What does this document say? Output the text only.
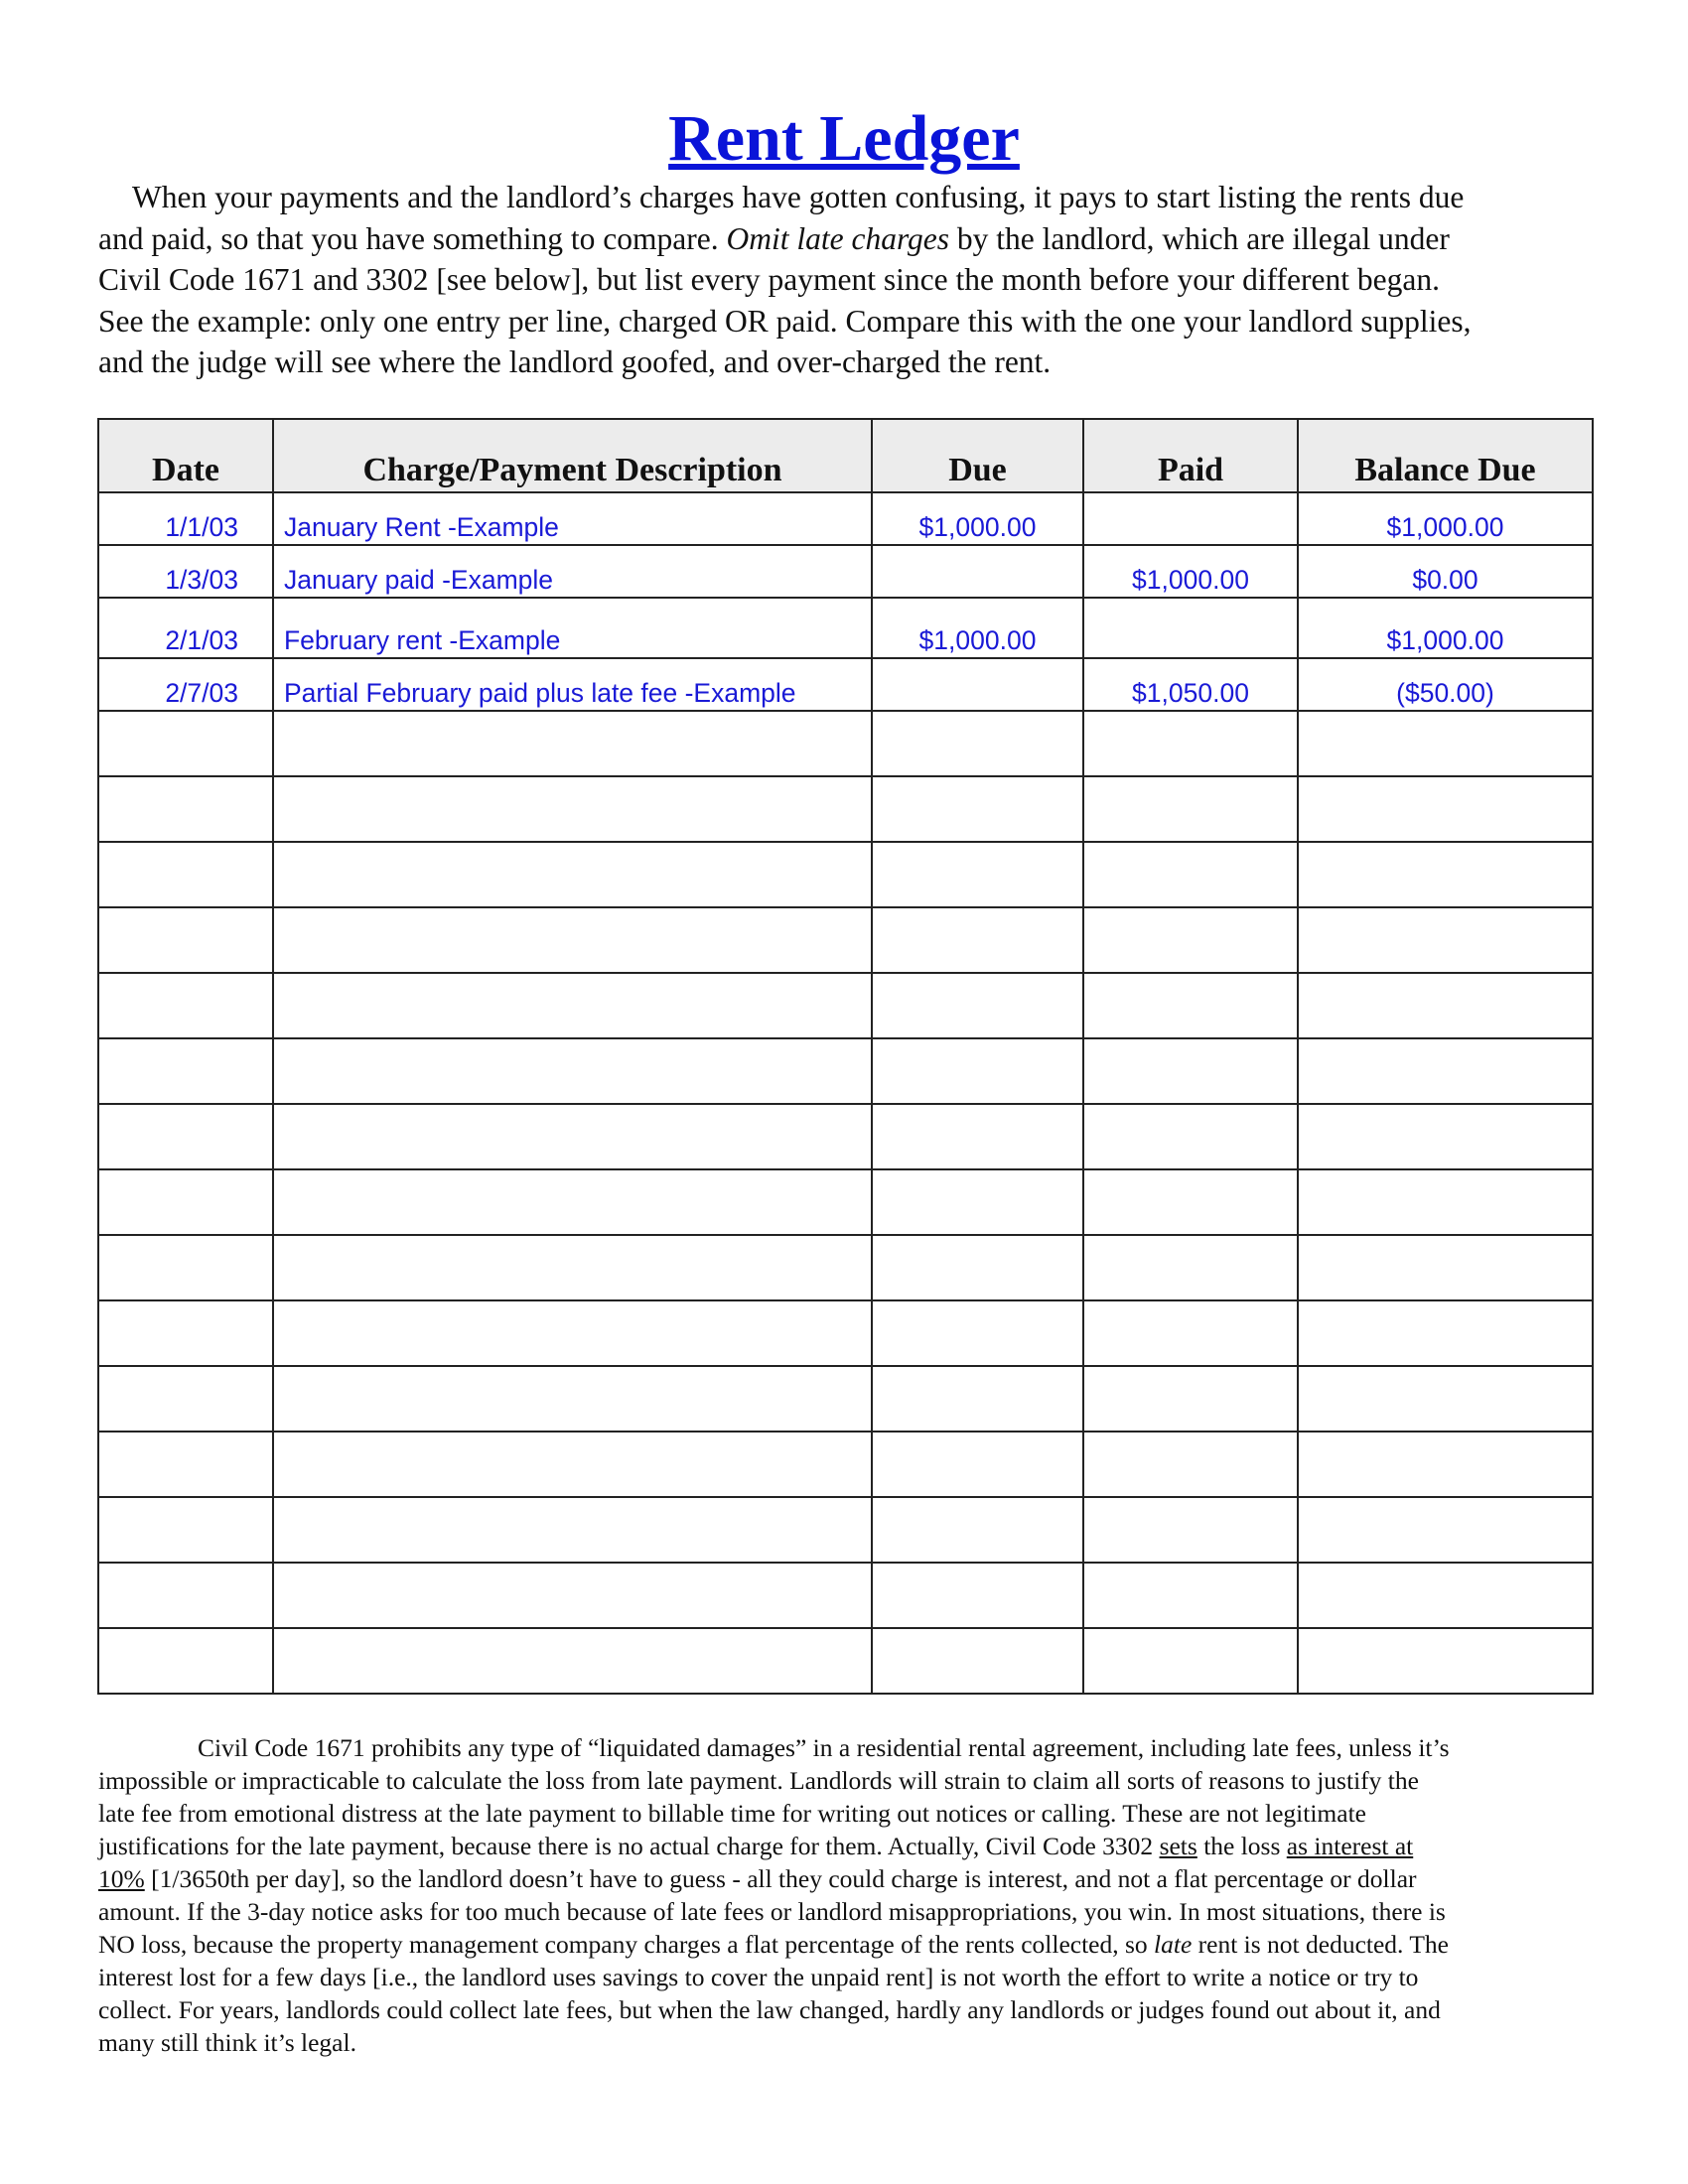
Rent Ledger
When your payments and the landlord’s charges have gotten confusing, it pays to start listing the rents due
and paid, so that you have something to compare. Omit late charges by the landlord, which are illegal under
Civil Code 1671 and 3302 [see below], but list every payment since the month before your different began.
See the example: only one entry per line, charged OR paid. Compare this with the one your landlord supplies,
and the judge will see where the landlord goofed, and over-charged the rent.
Date	Charge/Payment Description	Due	Paid	Balance Due
1/1/03	January Rent -Example	$1,000.00		$1,000.00
1/3/03	January paid -Example		$1,000.00	$0.00
2/1/03	February rent -Example	$1,000.00		$1,000.00
2/7/03	Partial February paid plus late fee -Example		$1,050.00	($50.00)

Civil Code 1671 prohibits any type of “liquidated damages” in a residential rental agreement, including late fees, unless it’s
impossible or impracticable to calculate the loss from late payment. Landlords will strain to claim all sorts of reasons to justify the
late fee from emotional distress at the late payment to billable time for writing out notices or calling. These are not legitimate
justifications for the late payment, because there is no actual charge for them. Actually, Civil Code 3302 sets the loss as interest at
10% [1/3650th per day], so the landlord doesn’t have to guess - all they could charge is interest, and not a flat percentage or dollar
amount. If the 3-day notice asks for too much because of late fees or landlord misappropriations, you win. In most situations, there is
NO loss, because the property management company charges a flat percentage of the rents collected, so late rent is not deducted. The
interest lost for a few days [i.e., the landlord uses savings to cover the unpaid rent] is not worth the effort to write a notice or try to
collect. For years, landlords could collect late fees, but when the law changed, hardly any landlords or judges found out about it, and
many still think it’s legal.
